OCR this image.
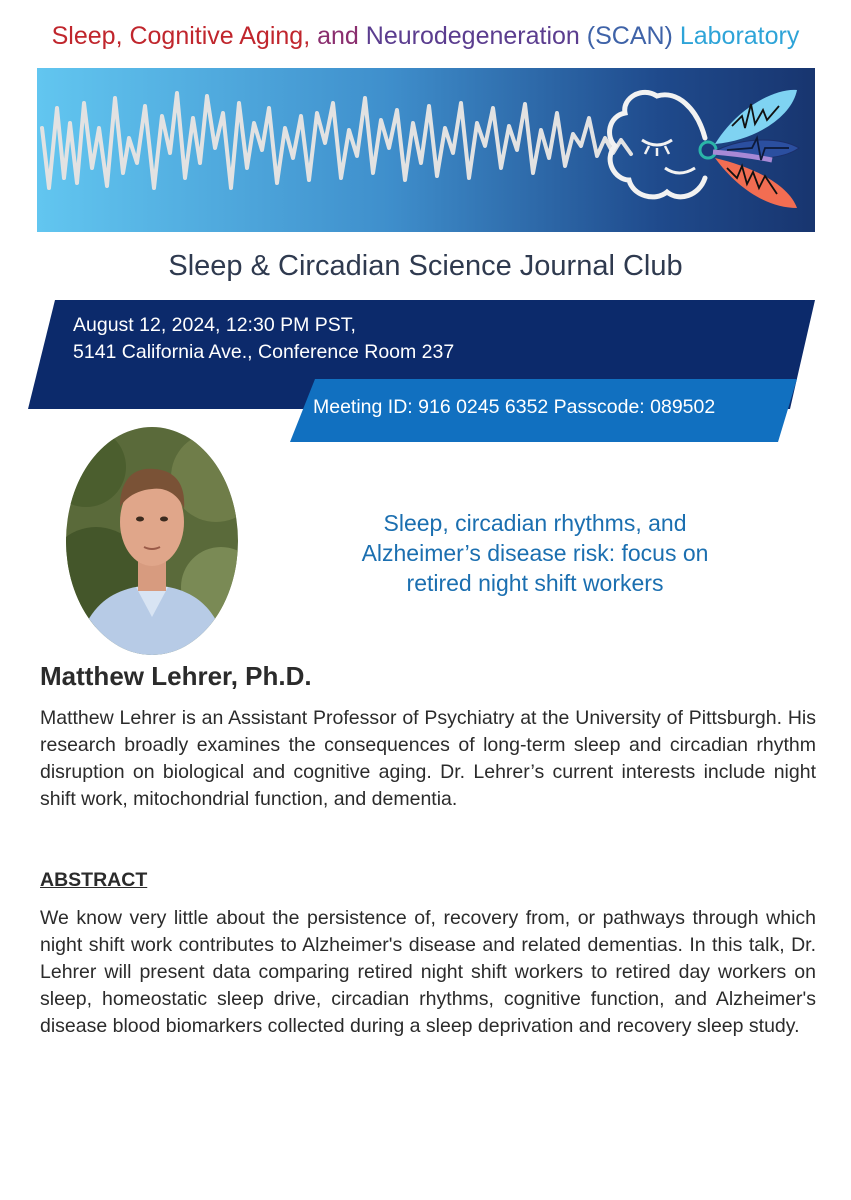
Sleep, Cognitive Aging, and Neurodegeneration (SCAN) Laboratory
Sleep & Circadian Science Journal Club
August 12, 2024, 12:30 PM PST,
5141 California Ave., Conference Room 237
Meeting ID: 916 0245 6352 Passcode: 089502
Sleep, circadian rhythms, and
Alzheimer’s disease risk: focus on
retired night shift workers
Matthew Lehrer, Ph.D.
Matthew Lehrer is an Assistant Professor of Psychiatry at the University of Pittsburgh. His research broadly examines the consequences of long-term sleep and circadian rhythm disruption on biological and cognitive aging. Dr. Lehrer’s current interests include night shift work, mitochondrial function, and dementia.
ABSTRACT
We know very little about the persistence of, recovery from, or pathways through which night shift work contributes to Alzheimer's disease and related dementias. In this talk, Dr. Lehrer will present data comparing retired night shift workers to retired day workers on sleep, homeostatic sleep drive, circadian rhythms, cognitive function, and Alzheimer's disease blood biomarkers collected during a sleep deprivation and recovery sleep study.
